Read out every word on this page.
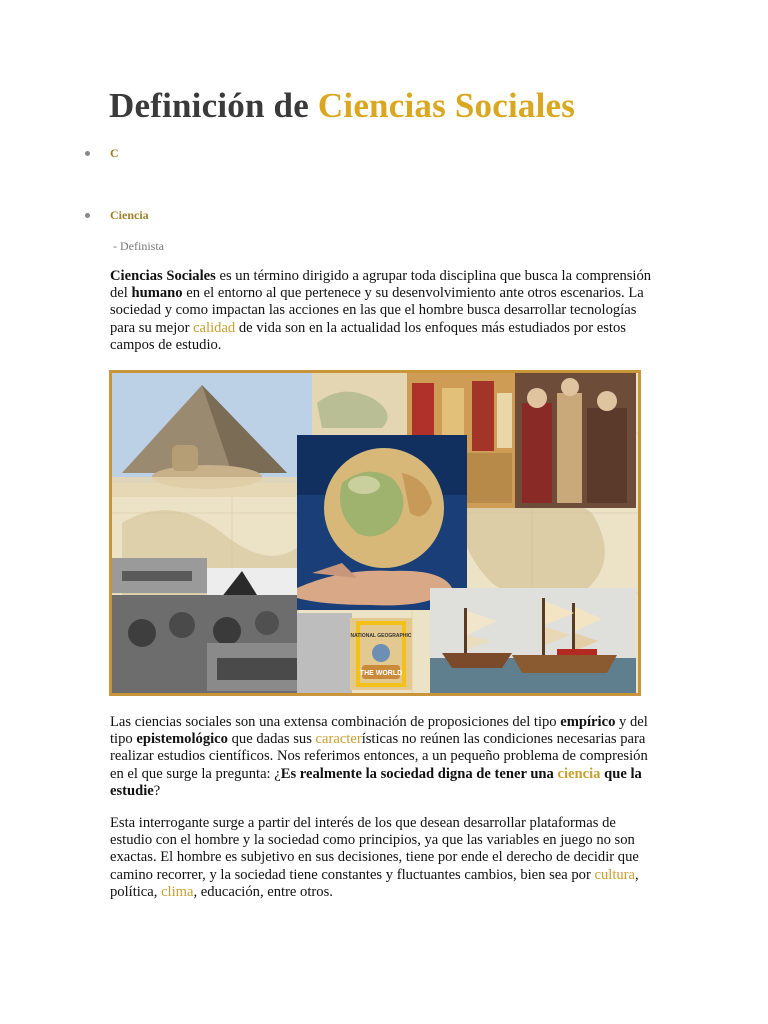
Definición de Ciencias Sociales
C
Ciencia
- Definista

Ciencias Sociales es un término dirigido a agrupar toda disciplina que busca la comprensión del humano en el entorno al que pertenece y su desenvolvimiento ante otros escenarios. La sociedad y como impactan las acciones en las que el hombre busca desarrollar tecnologías para su mejor calidad de vida son en la actualidad los enfoques más estudiados por estos campos de estudio.

NATIONAL GEOGRAPHIC
THE WORLD

Las ciencias sociales son una extensa combinación de proposiciones del tipo empírico y del tipo epistemológico que dadas sus características no reúnen las condiciones necesarias para realizar estudios científicos. Nos referimos entonces, a un pequeño problema de compresión en el que surge la pregunta: ¿Es realmente la sociedad digna de tener una ciencia que la estudie?

Esta interrogante surge a partir del interés de los que desean desarrollar plataformas de estudio con el hombre y la sociedad como principios, ya que las variables en juego no son exactas. El hombre es subjetivo en sus decisiones, tiene por ende el derecho de decidir que camino recorrer, y la sociedad tiene constantes y fluctuantes cambios, bien sea por cultura, política, clima, educación, entre otros.
